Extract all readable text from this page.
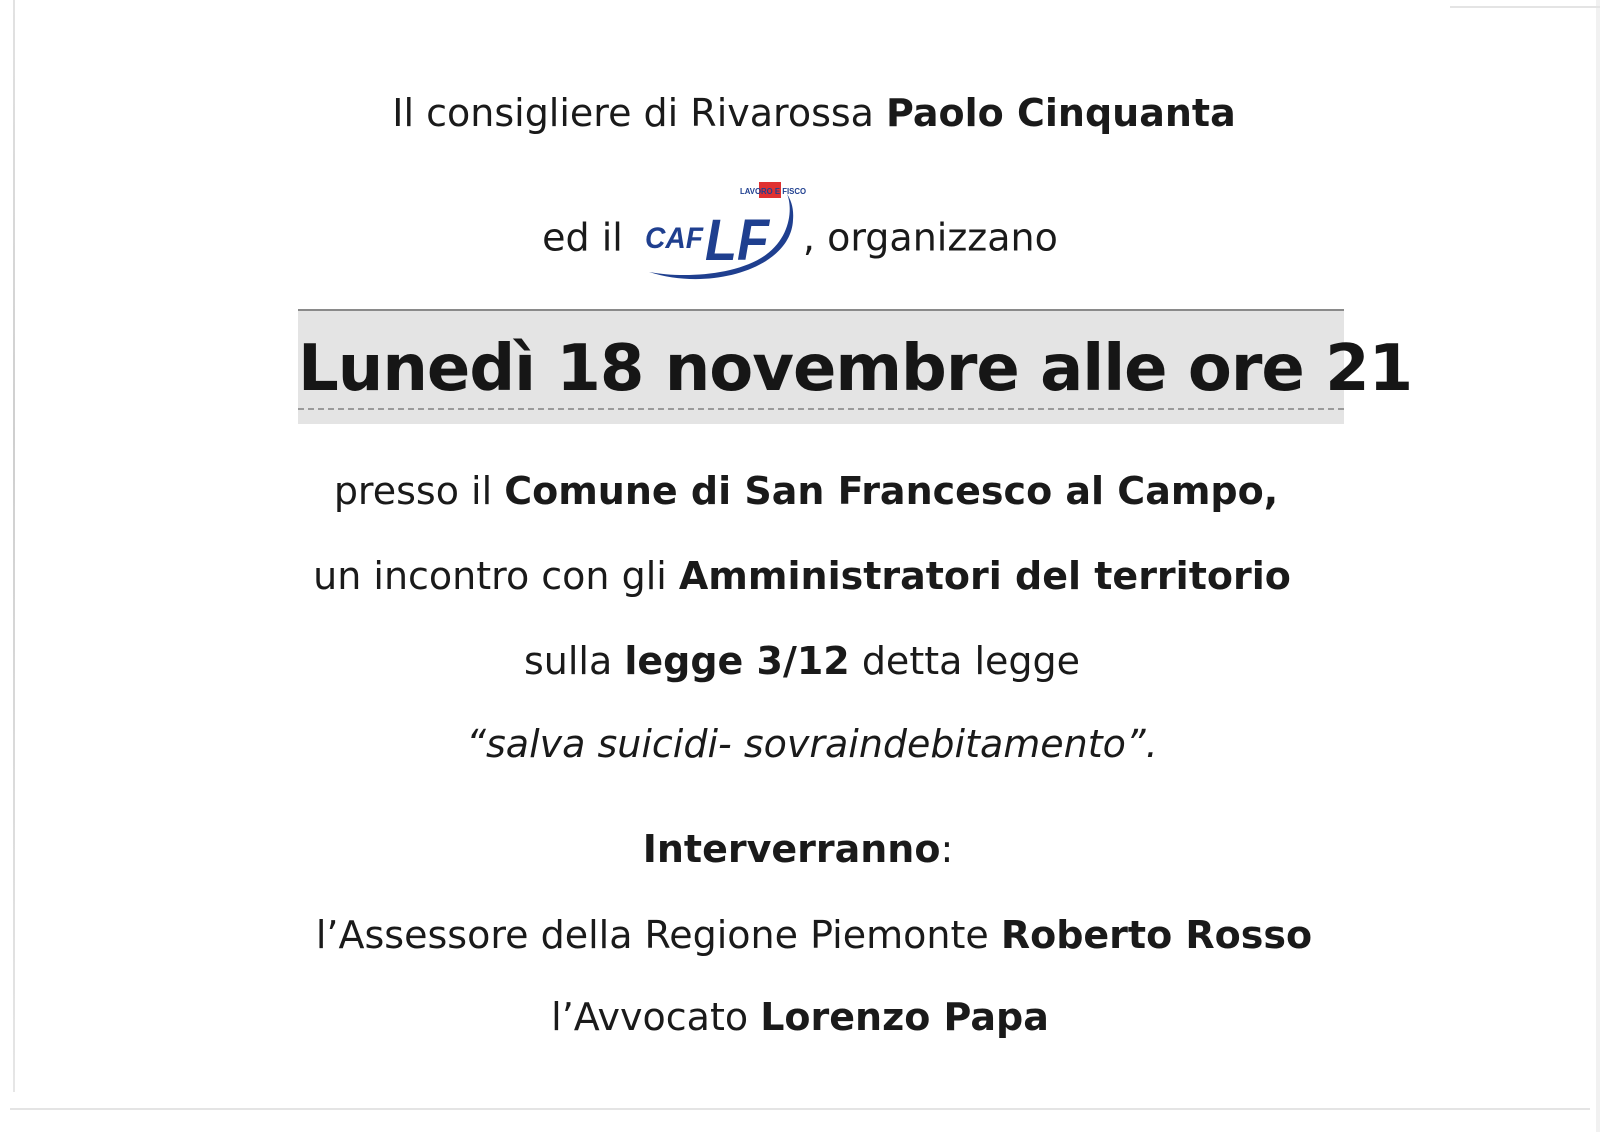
Il consigliere di Rivarossa Paolo Cinquanta
ed il
LAVORO E FISCO
CAF LF , organizzano
Lunedì 18 novembre alle ore 21
presso il Comune di San Francesco al Campo,
un incontro con gli Amministratori del territorio
sulla legge 3/12 detta legge
“salva suicidi- sovraindebitamento”.
Interverranno:
l’Assessore della Regione Piemonte Roberto Rosso
l’Avvocato Lorenzo Papa
